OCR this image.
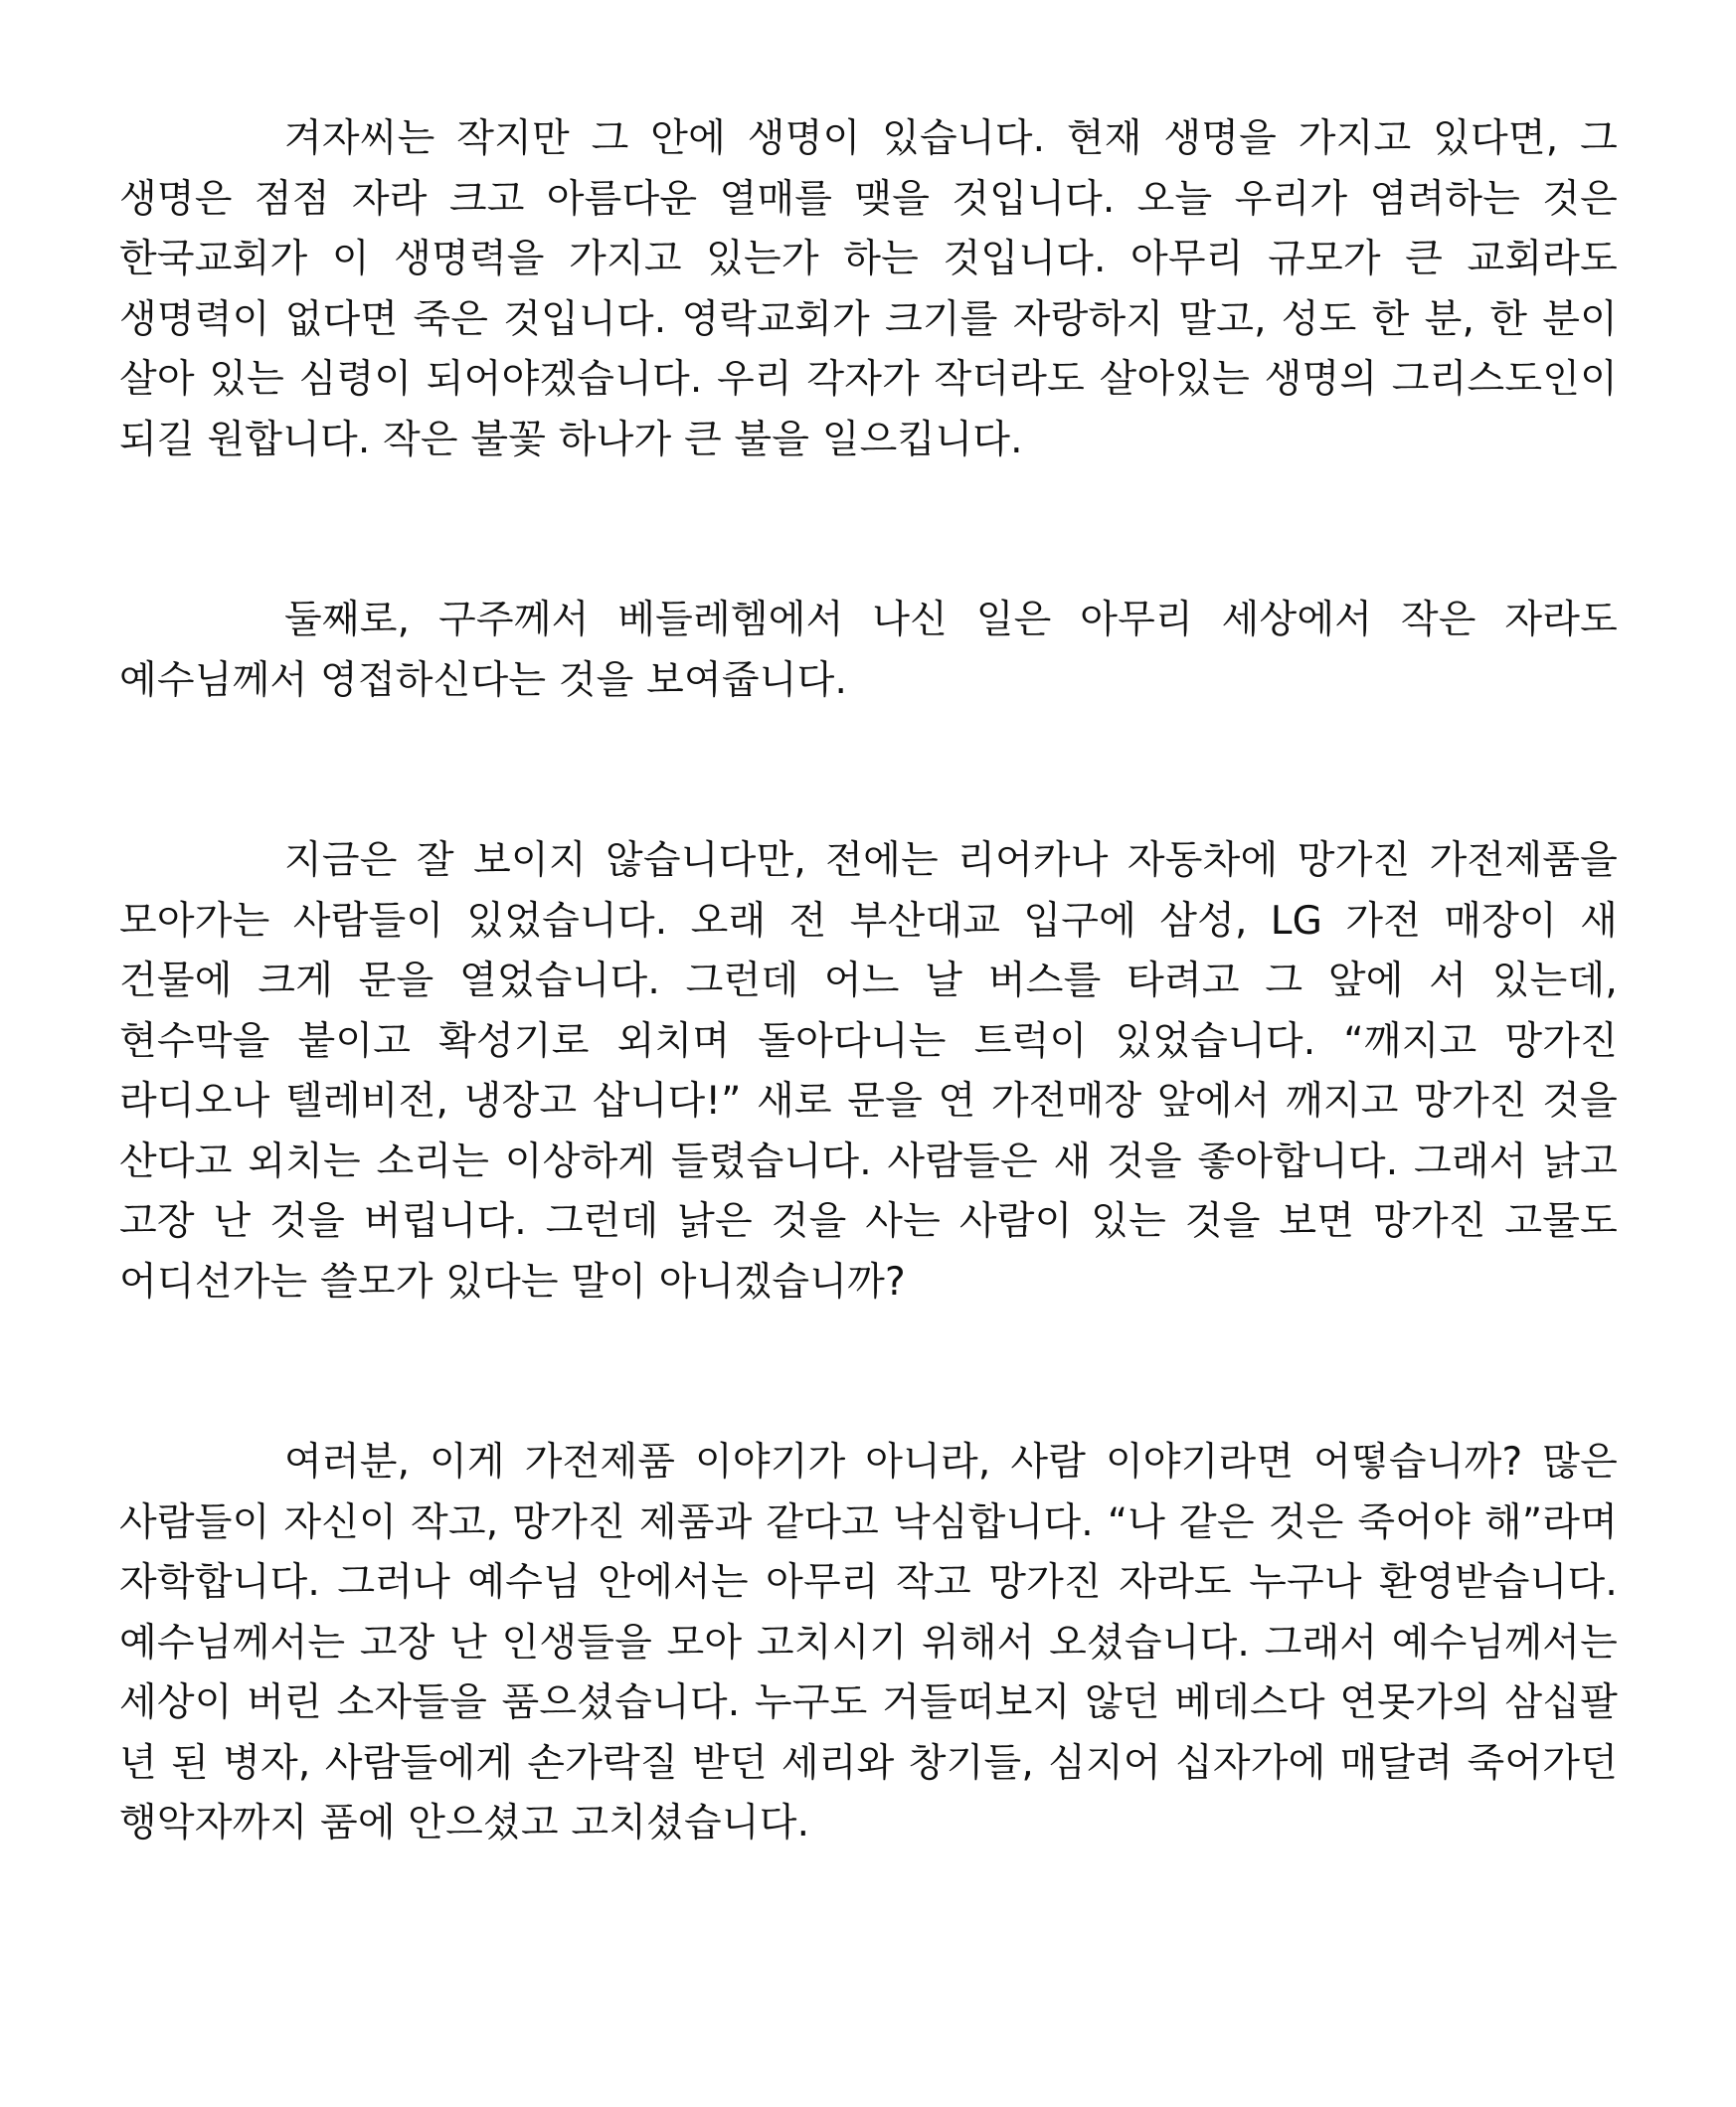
겨자씨는 작지만 그 안에 생명이 있습니다. 현재 생명을 가지고 있다면, 그 생명은 점점 자라 크고 아름다운 열매를 맺을 것입니다. 오늘 우리가 염려하는 것은 한국교회가 이 생명력을 가지고 있는가 하는 것입니다. 아무리 규모가 큰 교회라도 생명력이 없다면 죽은 것입니다. 영락교회가 크기를 자랑하지 말고, 성도 한 분, 한 분이 살아 있는 심령이 되어야겠습니다. 우리 각자가 작더라도 살아있는 생명의 그리스도인이 되길 원합니다. 작은 불꽃 하나가 큰 불을 일으킵니다.

둘째로, 구주께서 베들레헴에서 나신 일은 아무리 세상에서 작은 자라도 예수님께서 영접하신다는 것을 보여줍니다.

지금은 잘 보이지 않습니다만, 전에는 리어카나 자동차에 망가진 가전제품을 모아가는 사람들이 있었습니다. 오래 전 부산대교 입구에 삼성, LG 가전 매장이 새 건물에 크게 문을 열었습니다. 그런데 어느 날 버스를 타려고 그 앞에 서 있는데, 현수막을 붙이고 확성기로 외치며 돌아다니는 트럭이 있었습니다. “깨지고 망가진 라디오나 텔레비전, 냉장고 삽니다!” 새로 문을 연 가전매장 앞에서 깨지고 망가진 것을 산다고 외치는 소리는 이상하게 들렸습니다. 사람들은 새 것을 좋아합니다. 그래서 낡고 고장 난 것을 버립니다. 그런데 낡은 것을 사는 사람이 있는 것을 보면 망가진 고물도 어디선가는 쓸모가 있다는 말이 아니겠습니까?

여러분, 이게 가전제품 이야기가 아니라, 사람 이야기라면 어떻습니까? 많은 사람들이 자신이 작고, 망가진 제품과 같다고 낙심합니다. “나 같은 것은 죽어야 해”라며 자학합니다. 그러나 예수님 안에서는 아무리 작고 망가진 자라도 누구나 환영받습니다. 예수님께서는 고장 난 인생들을 모아 고치시기 위해서 오셨습니다. 그래서 예수님께서는 세상이 버린 소자들을 품으셨습니다. 누구도 거들떠보지 않던 베데스다 연못가의 삼십팔 년 된 병자, 사람들에게 손가락질 받던 세리와 창기들, 심지어 십자가에 매달려 죽어가던 행악자까지 품에 안으셨고 고치셨습니다.
